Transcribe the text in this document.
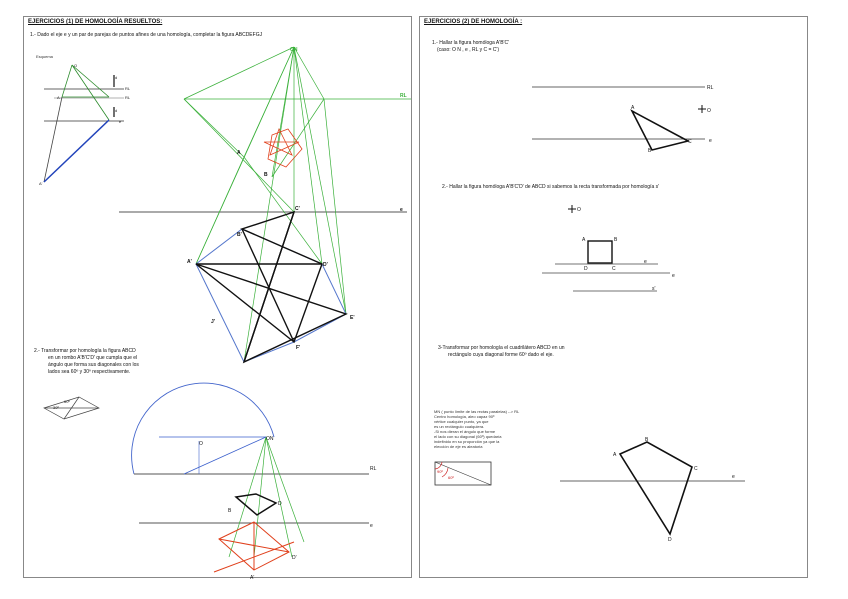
EJERCICIOS (1) DE HOMOLOGÍA RESUELTOS:
1.- Dado el eje e y un par de parejas de puntos afines de una homología, completar la figura ABCDEFGJ
Esquema
2.- Transformar por homología la figura ABCD
en un rombo A'B'C'D' que cumpla que el
ángulo que forma sus diagonales con los
lados sea 60º y 30º respectivamente.
O
RL
RL
e
d
d
A'
A
ON
RL
e
A
B
C'
B'
A'	D'
J'
E'
F'
30º
60º
O
ON
RL
e
B
D
A'
D'
EJERCICIOS (2) DE HOMOLOGÍA :
1.- Hallar la figura homóloga A'B'C'
(caso: O N , e , RL y C = C')
2.- Hallar la figura homóloga A'B'C'D' de ABCD si sabemos la recta transformada por homología s'
3-Transformar por homología el cuadrilátero ABCD en un
rectángulo cuya diagonal forme 60º dado el eje.
MN ( punto límite de las rectas paralelas) --> RL
Centro homología, aleo capaz 90º
vértice cualquier punto, ya que
es un rectángulo cualquiera.
-Si nos dieran el ángulo que forme
el lado con su diagonal (60º) quedaría
indefinido en su proporción ya que la
elección de eje es aleatoria
RL
e
O
A
C
B
O
A	B
D	C
e
e
s'
90º
60º
A
B
C
D
e
